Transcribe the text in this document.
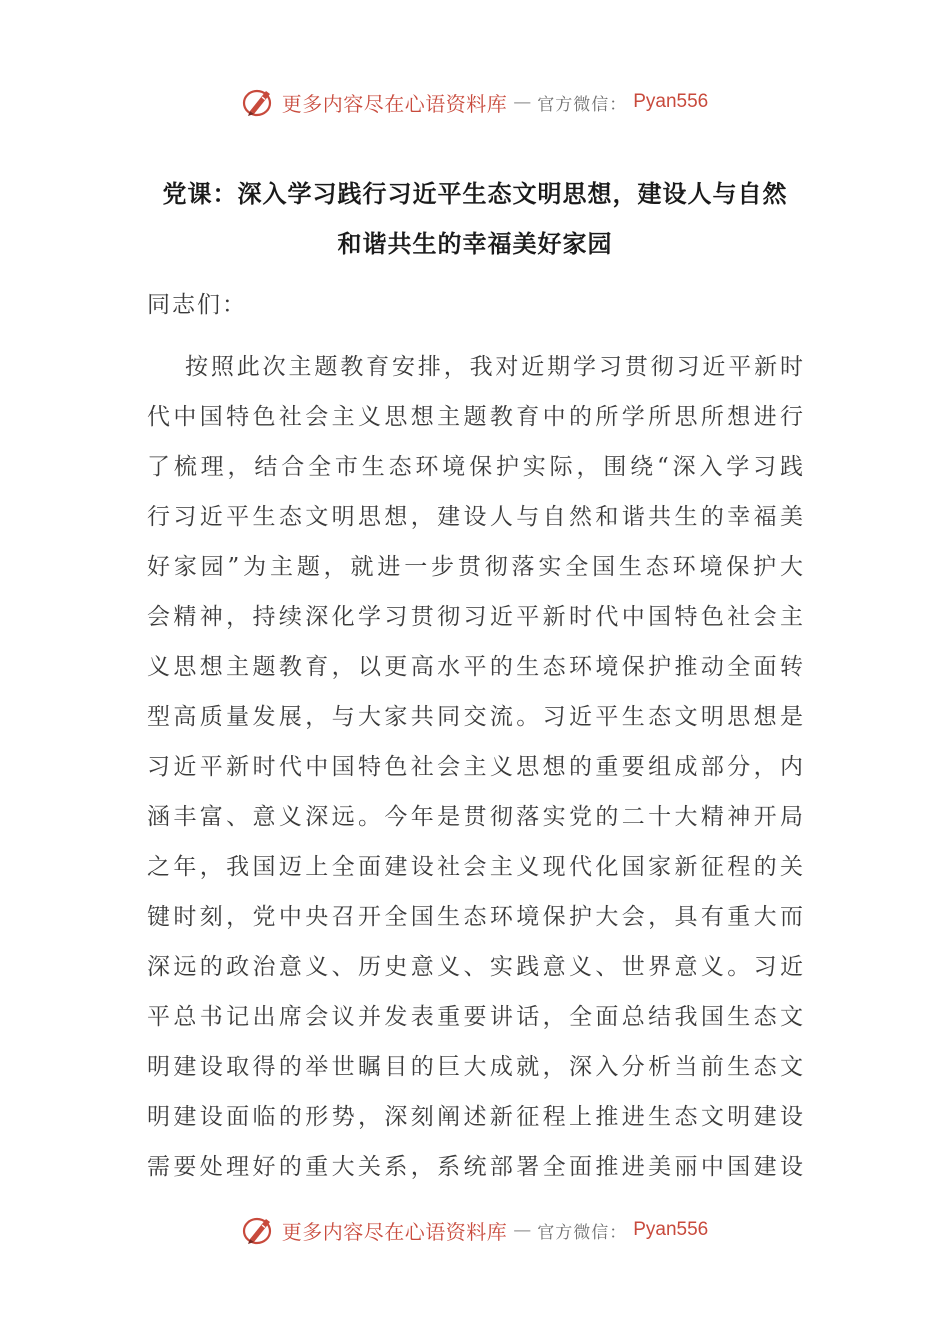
更多内容尽在心语资料库 — 官方微信： Pyan556
党课：深入学习践行习近平生态文明思想，建设人与自然
和谐共生的幸福美好家园

同志们：

按照此次主题教育安排，我对近期学习贯彻习近平新时

代中国特色社会主义思想主题教育中的所学所思所想进行

了梳理，结合全市生态环境保护实际，围绕“深入学习践

行习近平生态文明思想，建设人与自然和谐共生的幸福美

好家园”为主题，就进一步贯彻落实全国生态环境保护大

会精神，持续深化学习贯彻习近平新时代中国特色社会主

义思想主题教育，以更高水平的生态环境保护推动全面转

型高质量发展，与大家共同交流。习近平生态文明思想是

习近平新时代中国特色社会主义思想的重要组成部分，内

涵丰富、意义深远。今年是贯彻落实党的二十大精神开局

之年，我国迈上全面建设社会主义现代化国家新征程的关

键时刻，党中央召开全国生态环境保护大会，具有重大而

深远的政治意义、历史意义、实践意义、世界意义。习近

平总书记出席会议并发表重要讲话，全面总结我国生态文

明建设取得的举世瞩目的巨大成就，深入分析当前生态文

明建设面临的形势，深刻阐述新征程上推进生态文明建设

需要处理好的重大关系，系统部署全面推进美丽中国建设

更多内容尽在心语资料库 — 官方微信： Pyan556
